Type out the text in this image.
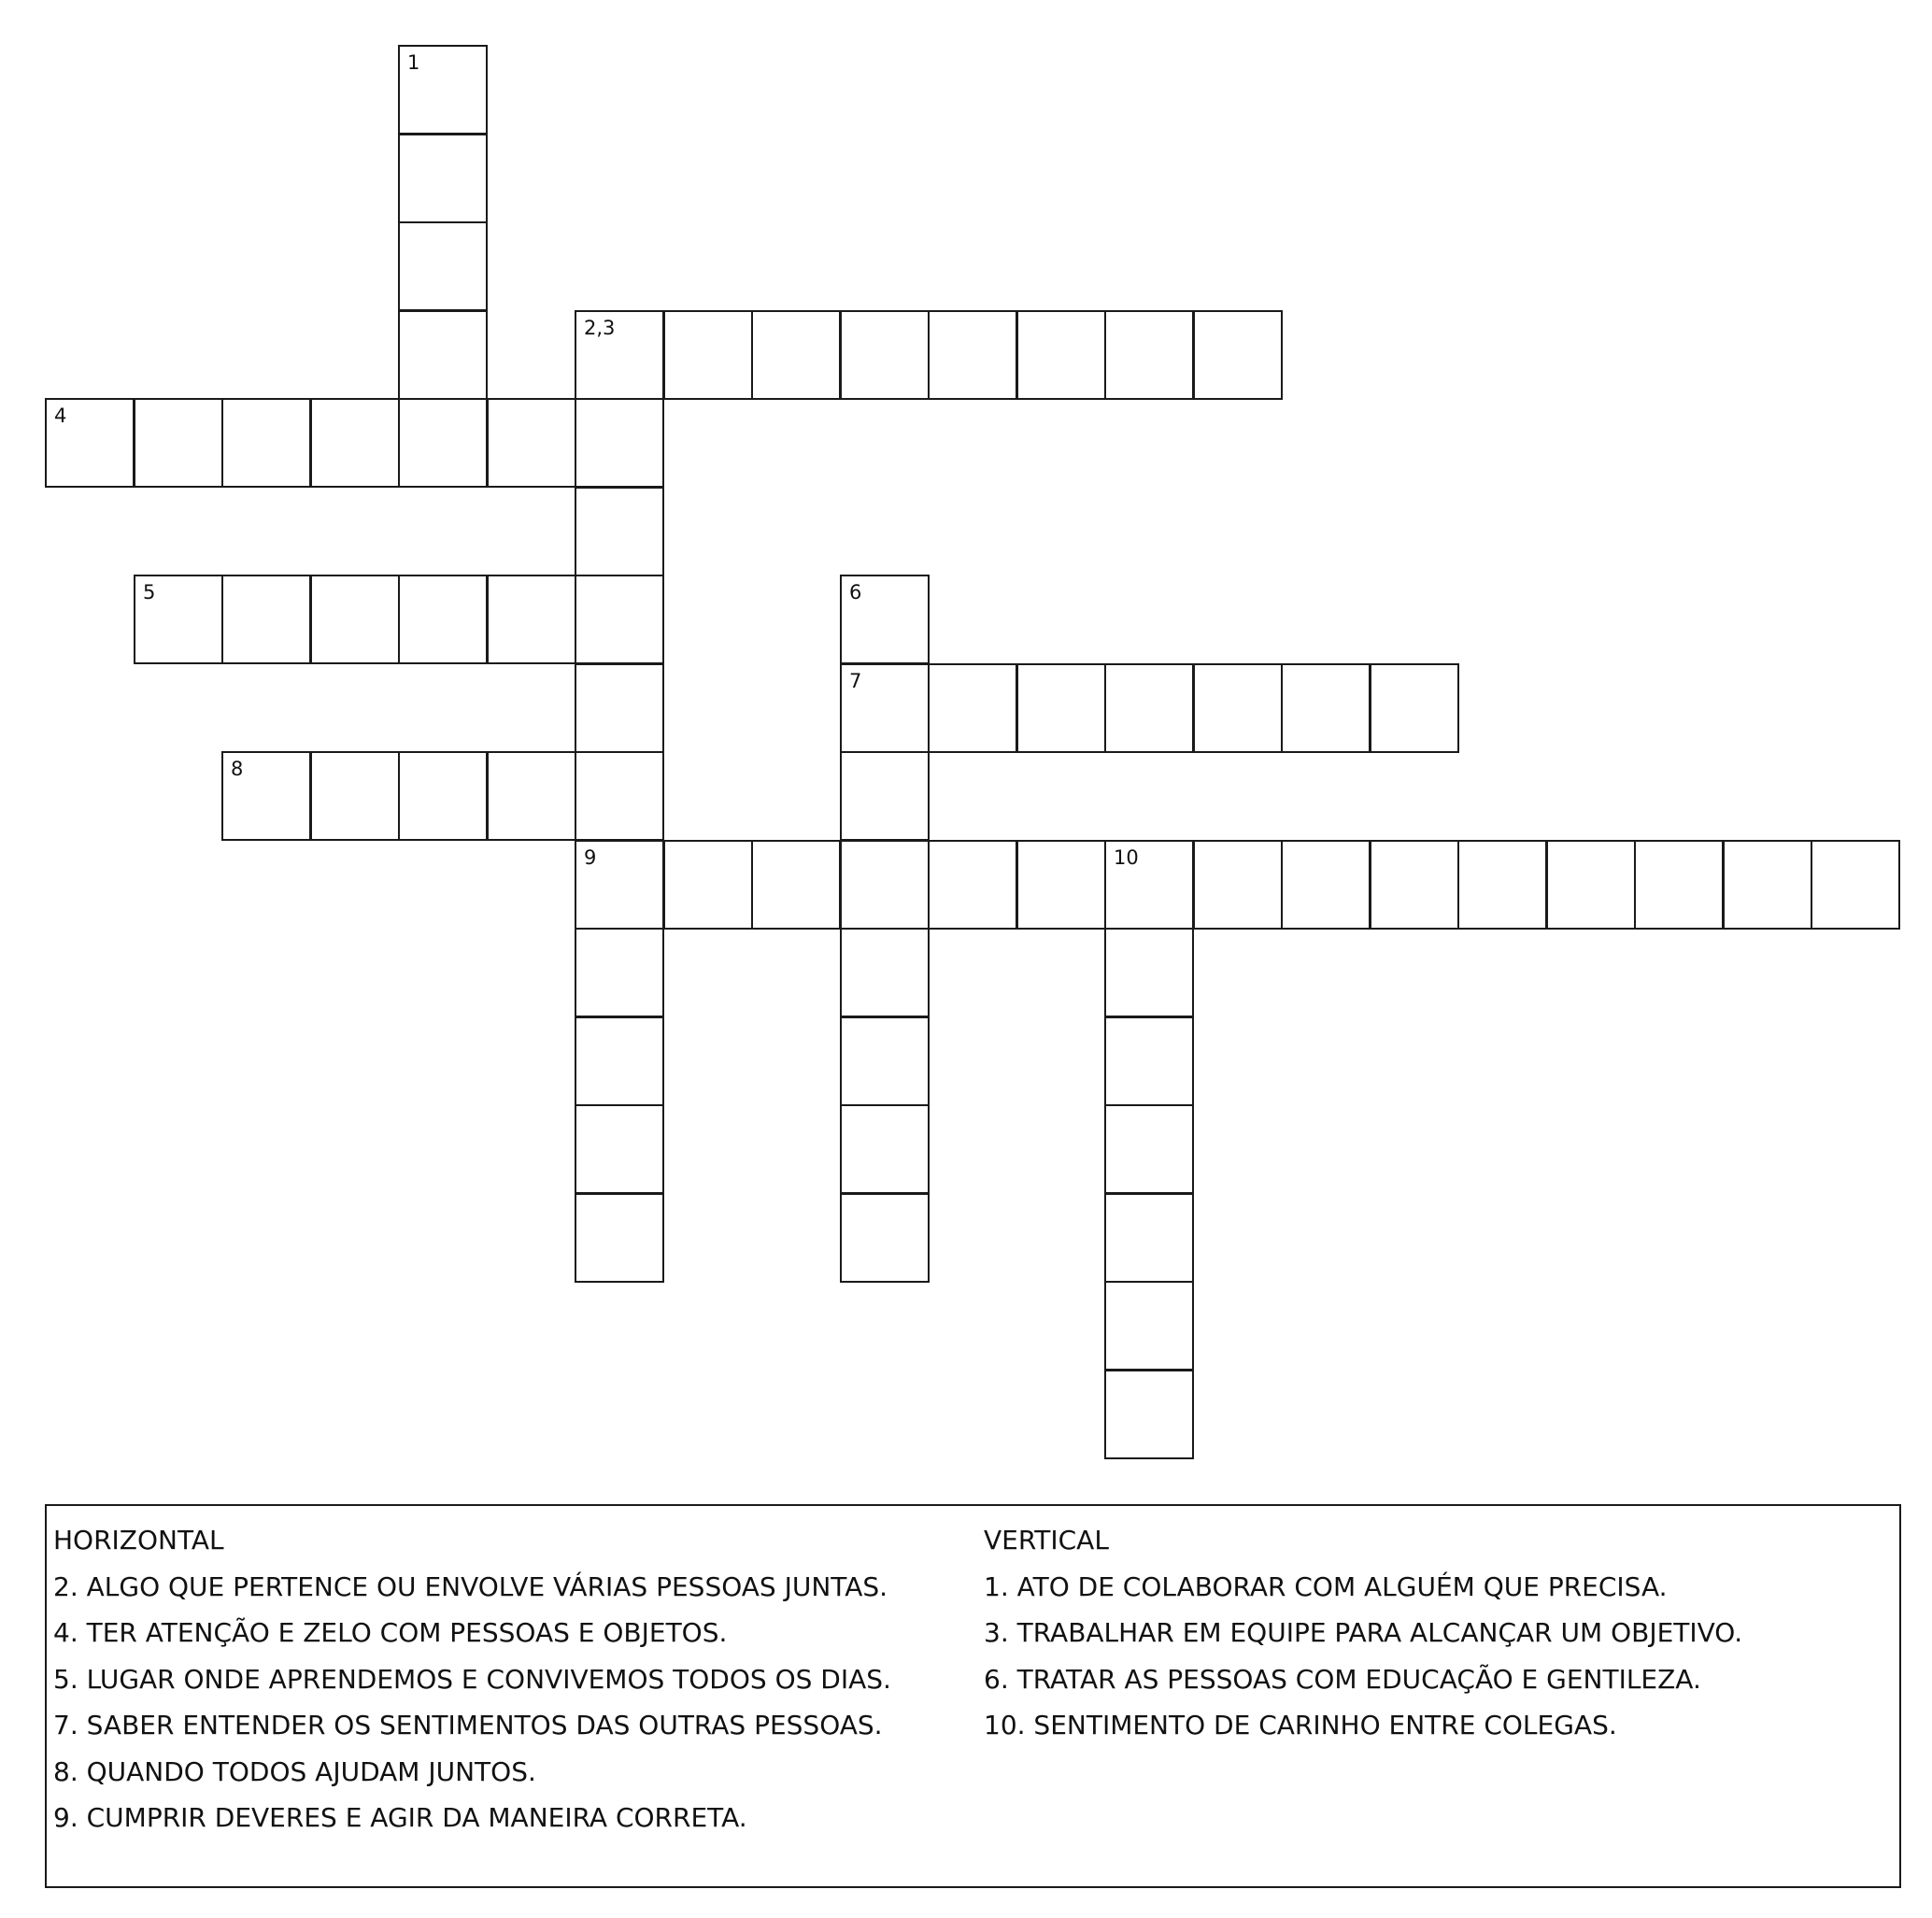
1
2,3
4
5	6
7
8
9	10
HORIZONTAL
2. ALGO QUE PERTENCE OU ENVOLVE VÁRIAS PESSOAS JUNTAS.
4. TER ATENÇÃO E ZELO COM PESSOAS E OBJETOS.
5. LUGAR ONDE APRENDEMOS E CONVIVEMOS TODOS OS DIAS.
7. SABER ENTENDER OS SENTIMENTOS DAS OUTRAS PESSOAS.
8. QUANDO TODOS AJUDAM JUNTOS.
9. CUMPRIR DEVERES E AGIR DA MANEIRA CORRETA.
VERTICAL
1. ATO DE COLABORAR COM ALGUÉM QUE PRECISA.
3. TRABALHAR EM EQUIPE PARA ALCANÇAR UM OBJETIVO.
6. TRATAR AS PESSOAS COM EDUCAÇÃO E GENTILEZA.
10. SENTIMENTO DE CARINHO ENTRE COLEGAS.
